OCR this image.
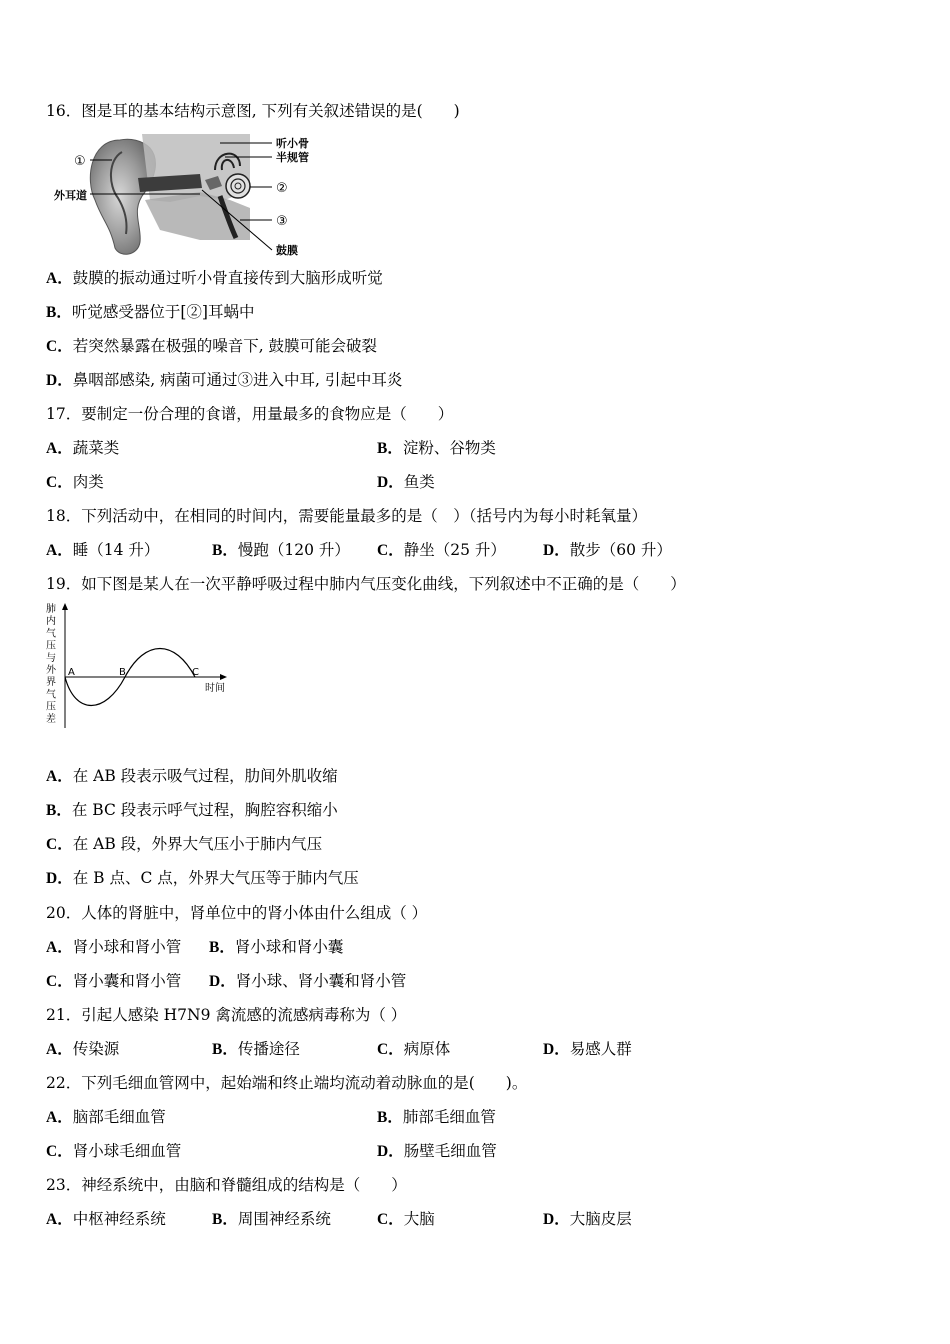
16．图是耳的基本结构示意图, 下列有关叙述错误的是(　　)
①
外耳道
听小骨
半规管
②
③
鼓膜
A．鼓膜的振动通过听小骨直接传到大脑形成听觉
B．听觉感受器位于[②]耳蜗中
C．若突然暴露在极强的噪音下, 鼓膜可能会破裂
D．鼻咽部感染, 病菌可通过③进入中耳, 引起中耳炎
17．要制定一份合理的食谱，用量最多的食物应是（　　）
A．蔬菜类	B．淀粉、谷物类
C．肉类	D．鱼类
18．下列活动中，在相同的时间内，需要能量最多的是（　）（括号内为每小时耗氧量）
A．睡（14 升）	B．慢跑（120 升） C．静坐（25 升） D．散步（60 升）
19．如下图是某人在一次平静呼吸过程中肺内气压变化曲线，下列叙述中不正确的是（　　）
肺
内
气
压
与
外
界
气
压
差
A	B	C
时间
A．在 AB 段表示吸气过程，肋间外肌收缩
B．在 BC 段表示呼气过程，胸腔容积缩小
C．在 AB 段，外界大气压小于肺内气压
D．在 B 点、C 点，外界大气压等于肺内气压
20．人体的肾脏中，肾单位中的肾小体由什么组成（ ）
A．肾小球和肾小管 B．肾小球和肾小囊
C．肾小囊和肾小管 D．肾小球、肾小囊和肾小管
21．引起人感染 H7N9 禽流感的流感病毒称为（ ）
A．传染源	B．传播途径	C．病原体	D．易感人群
22．下列毛细血管网中，起始端和终止端均流动着动脉血的是(　　)。
A．脑部毛细血管	B．肺部毛细血管
C．肾小球毛细血管	D．肠壁毛细血管
23．神经系统中，由脑和脊髓组成的结构是（　　）
A．中枢神经系统	B．周围神经系统	C．大脑	D．大脑皮层
